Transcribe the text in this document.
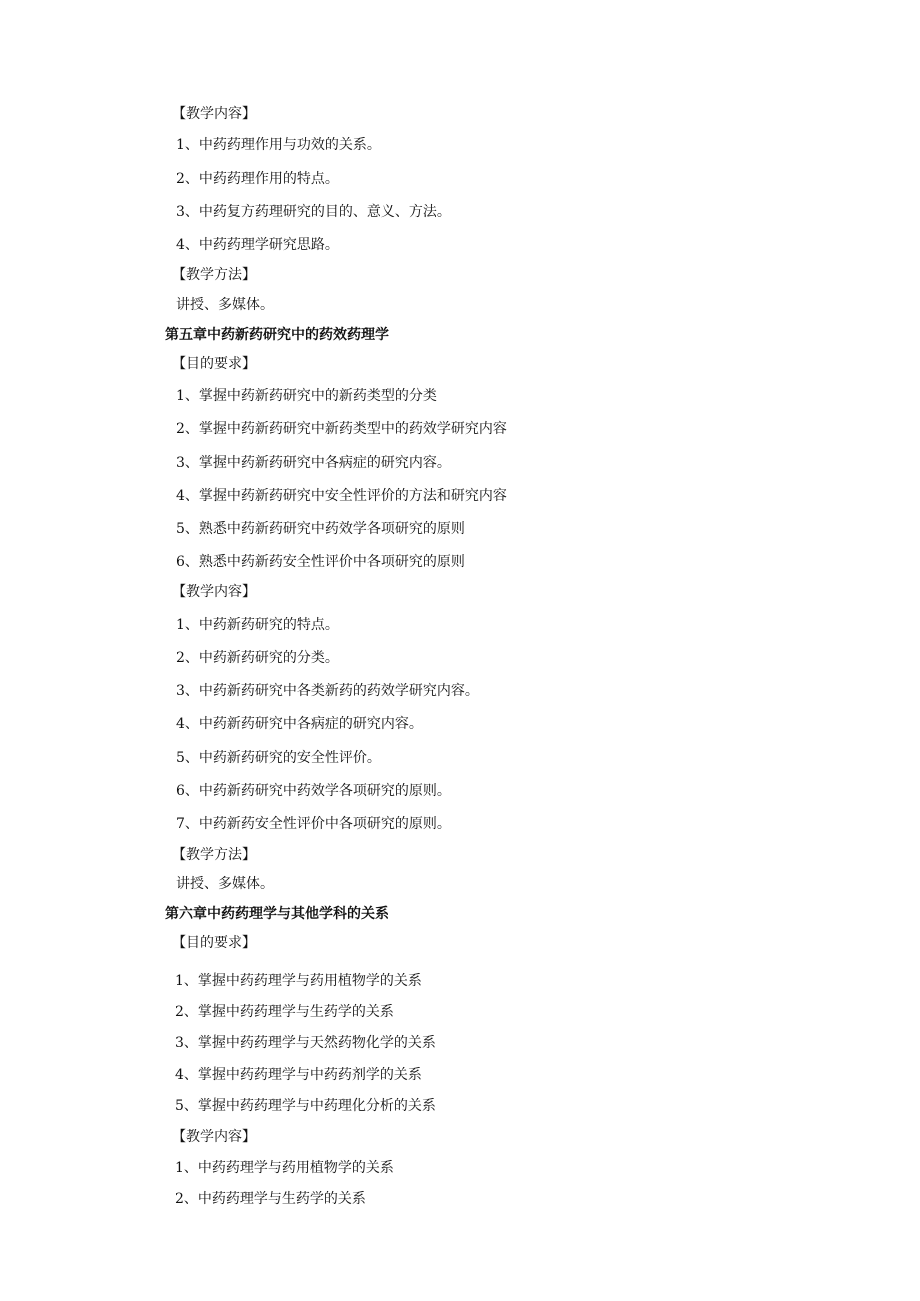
【教学内容】
1、中药药理作用与功效的关系。
2、中药药理作用的特点。
3、中药复方药理研究的目的、意义、方法。
4、中药药理学研究思路。
【教学方法】
讲授、多媒体。
第五章中药新药研究中的药效药理学
【目的要求】
1、掌握中药新药研究中的新药类型的分类
2、掌握中药新药研究中新药类型中的药效学研究内容
3、掌握中药新药研究中各病症的研究内容。
4、掌握中药新药研究中安全性评价的方法和研究内容
5、熟悉中药新药研究中药效学各项研究的原则
6、熟悉中药新药安全性评价中各项研究的原则
【教学内容】
1、中药新药研究的特点。
2、中药新药研究的分类。
3、中药新药研究中各类新药的药效学研究内容。
4、中药新药研究中各病症的研究内容。
5、中药新药研究的安全性评价。
6、中药新药研究中药效学各项研究的原则。
7、中药新药安全性评价中各项研究的原则。
【教学方法】
讲授、多媒体。
第六章中药药理学与其他学科的关系
【目的要求】
1、掌握中药药理学与药用植物学的关系
2、掌握中药药理学与生药学的关系
3、掌握中药药理学与天然药物化学的关系
4、掌握中药药理学与中药药剂学的关系
5、掌握中药药理学与中药理化分析的关系
【教学内容】
1、中药药理学与药用植物学的关系
2、中药药理学与生药学的关系
